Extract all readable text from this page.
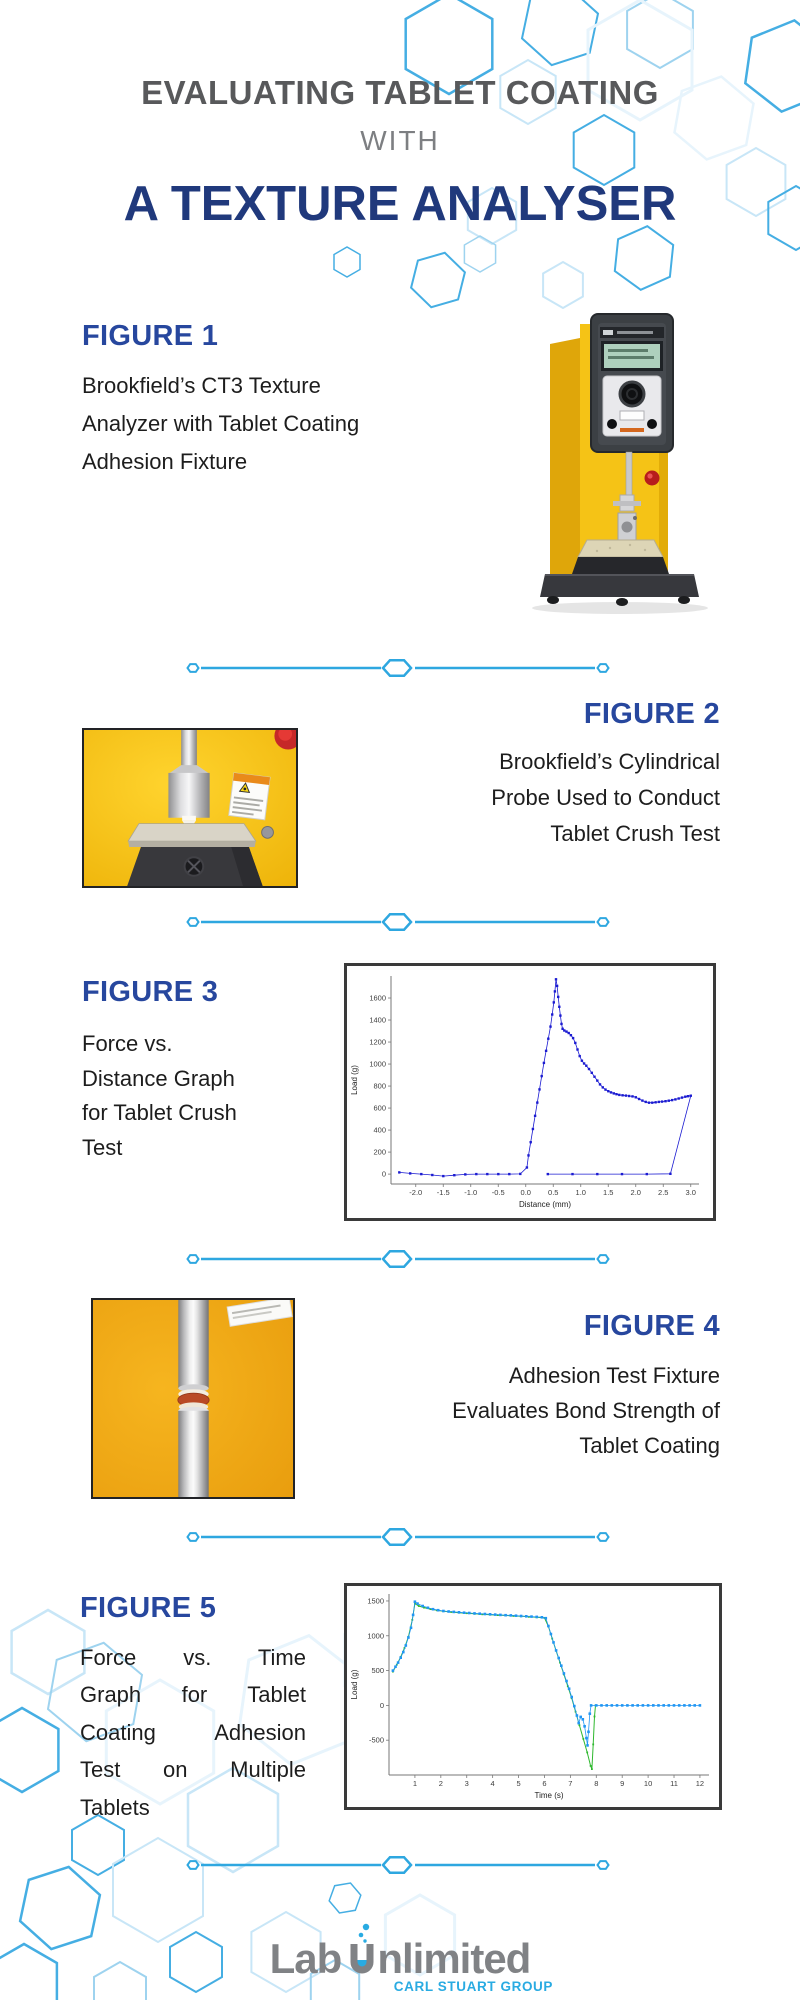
EVALUATING TABLET COATING
WITH
A TEXTURE ANALYSER
FIGURE 1
Brookfield’s CT3 Texture
Analyzer with Tablet Coating
Adhesion Fixture
FIGURE 2
Brookfield’s Cylindrical
Probe Used to Conduct
Tablet Crush Test
FIGURE 3
Force vs.
Distance Graph
for Tablet Crush
Test
-2.0 -1.5 -1.0 -0.5 0.0 0.5 1.0 1.5 2.0 2.5 3.0
0
200
400
600
800
1000
1200
1400
1600
Distance (mm)
Load (g)
FIGURE 4
Adhesion Test Fixture
Evaluates Bond Strength of
Tablet Coating
FIGURE 5
Force vs. Time
Graph for Tablet
Coating Adhesion
Test on Multiple
Tablets
1	2	3	4	5	6	7	8	9	10 11 12
-500
0
500
1000
1500
Time (s)
Load (g)
Lab nlimited
CARL STUART GROUP
